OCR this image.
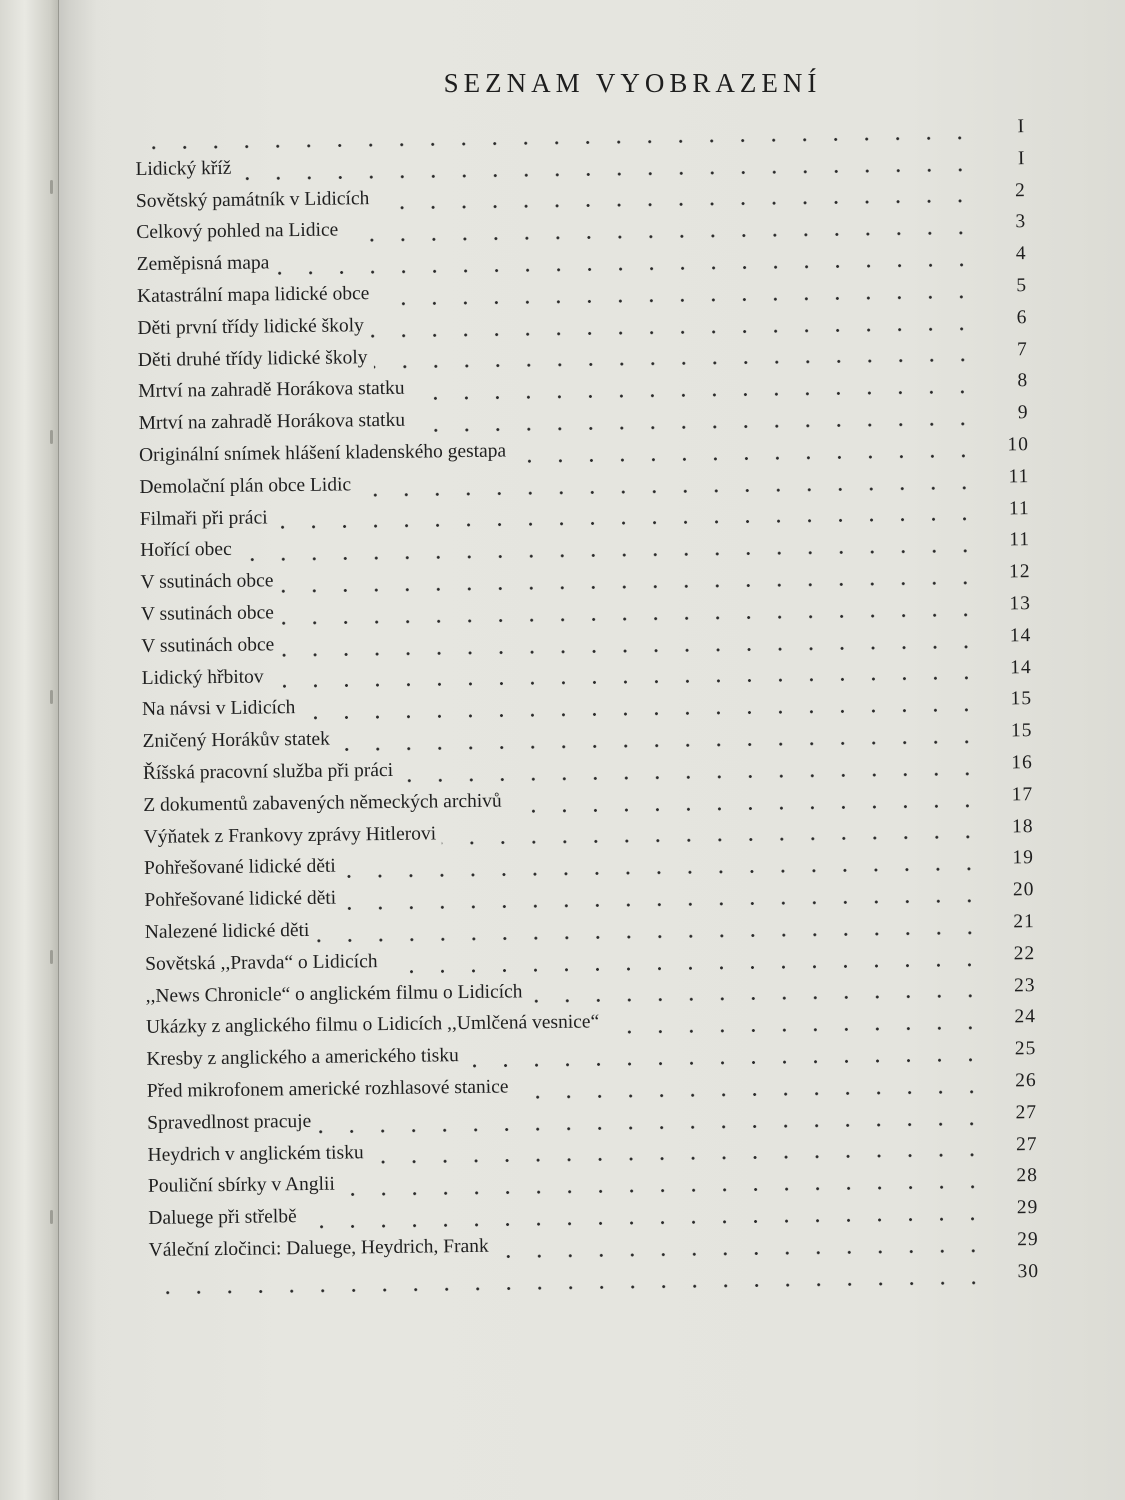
SEZNAM VYOBRAZENÍ
I
Lidický kříž	I
Sovětský památník v Lidicích	2
Celkový pohled na Lidice	3
Zeměpisná mapa	4
Katastrální mapa lidické obce	5
Děti první třídy lidické školy	6
Děti druhé třídy lidické školy	7
Mrtví na zahradě Horákova statku	8
Mrtví na zahradě Horákova statku	9
Originální snímek hlášení kladenského gestapa	10
Demolační plán obce Lidic	11
Filmaři při práci	11
Hořící obec	11
V ssutinách obce	12
V ssutinách obce	13
V ssutinách obce	14
Lidický hřbitov	14
Na návsi v Lidicích	15
Zničený Horákův statek	15
Říšská pracovní služba při práci	16
Z dokumentů zabavených německých archivů	17
Výňatek z Frankovy zprávy Hitlerovi	18
Pohřešované lidické děti	19
Pohřešované lidické děti	20
Nalezené lidické děti	21
Sovětská ,,Pravda“ o Lidicích	22
,,News Chronicle“ o anglickém filmu o Lidicích	23
Ukázky z anglického filmu o Lidicích ,,Umlčená vesnice“	24
Kresby z anglického a amerického tisku	25
Před mikrofonem americké rozhlasové stanice	26
Spravedlnost pracuje	27
Heydrich v anglickém tisku	27
Pouliční sbírky v Anglii	28
Daluege při střelbě	29
Váleční zločinci: Daluege, Heydrich, Frank	29
30
